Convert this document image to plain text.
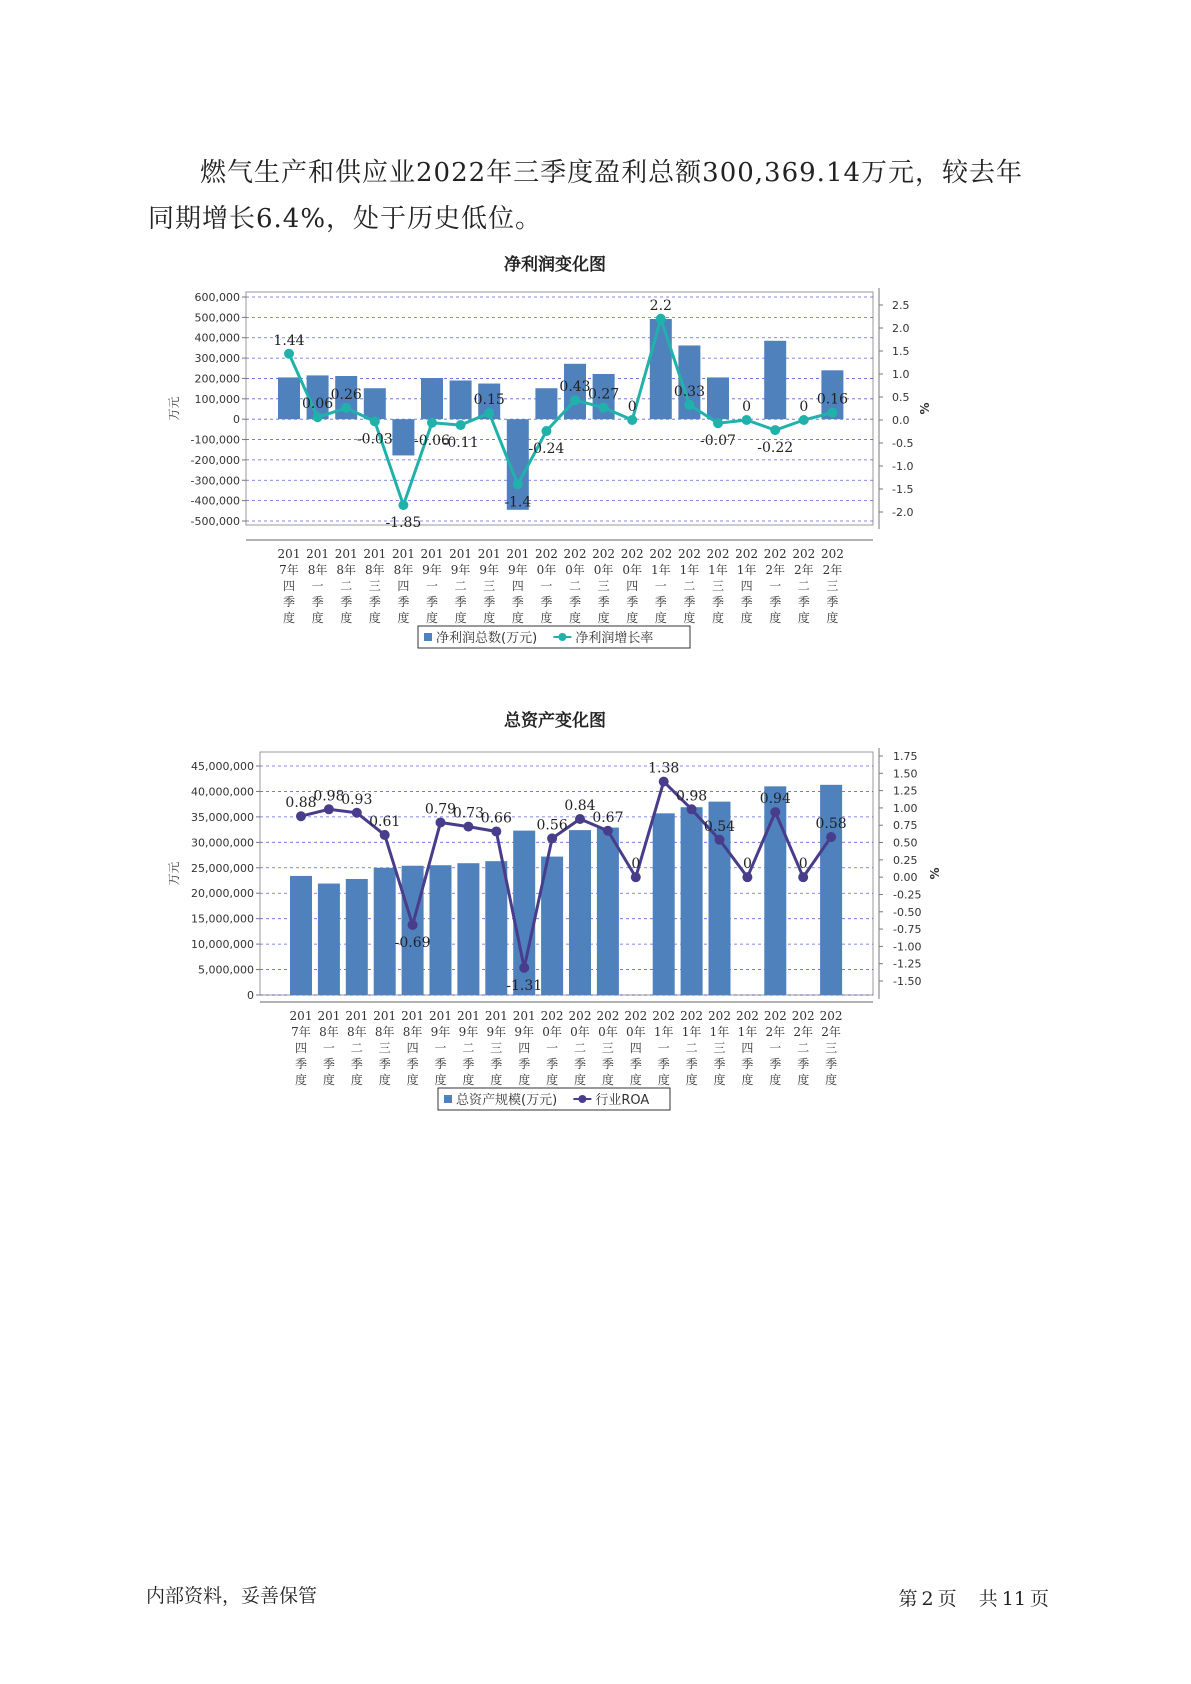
燃气生产和供应业2022年三季度盈利总额300,369.14万元，较去年同期增长6.4%，处于历史低位。
净利润变化图
600,000
500,000
400,000
300,000
200,000
100,000
0
-100,000
-200,000
-300,000
-400,000
-500,000
2.5
2.0
1.5
1.0
0.5
0.0
-0.5
-1.0
-1.5
-2.0
万元	%
1.44
0.06
0.26
-0.03
-1.85
-0.06
-0.11
0.15
-1.4
-0.24
0.43
0.27
0
2.2
0.33
-0.07
0
-0.22
0 0.16
201
7年
四
季
度
201
8年
一
季
度
201
8年
二
季
度
201
8年
三
季
度
201
8年
四
季
度
201
9年
一
季
度
201
9年
二
季
度
201
9年
三
季
度
201
9年
四
季
度
202
0年
一
季
度
202
0年
二
季
度
202
0年
三
季
度
202
0年
四
季
度
202
1年
一
季
度
202
1年
二
季
度
202
1年
三
季
度
202
1年
四
季
度
202
2年
一
季
度
202
2年
二
季
度
202
2年
三
季
度
净利润总数(万元)	净利润增长率
总资产变化图
45,000,000
40,000,000
35,000,000
30,000,000
25,000,000
20,000,000
15,000,000
10,000,000
5,000,000
0
1.75
1.50
1.25
1.00
0.75
0.50
0.25
0.00
-0.25
-0.50
-0.75
-1.00
-1.25
-1.50
万元	%
0.88
0.98
0.93
0.61
-0.69
0.79
0.73
0.66
-1.31
0.56
0.84
0.67
0
1.38
0.98
0.54
0
0.94
0
0.58
201
7年
四
季
度
201
8年
一
季
度
201
8年
二
季
度
201
8年
三
季
度
201
8年
四
季
度
201
9年
一
季
度
201
9年
二
季
度
201
9年
三
季
度
201
9年
四
季
度
202
0年
一
季
度
202
0年
二
季
度
202
0年
三
季
度
202
0年
四
季
度
202
1年
一
季
度
202
1年
二
季
度
202
1年
三
季
度
202
1年
四
季
度
202
2年
一
季
度
202
2年
二
季
度
202
2年
三
季
度
总资产规模(万元)	行业ROA
内部资料，妥善保管	第 2 页 共 11 页
